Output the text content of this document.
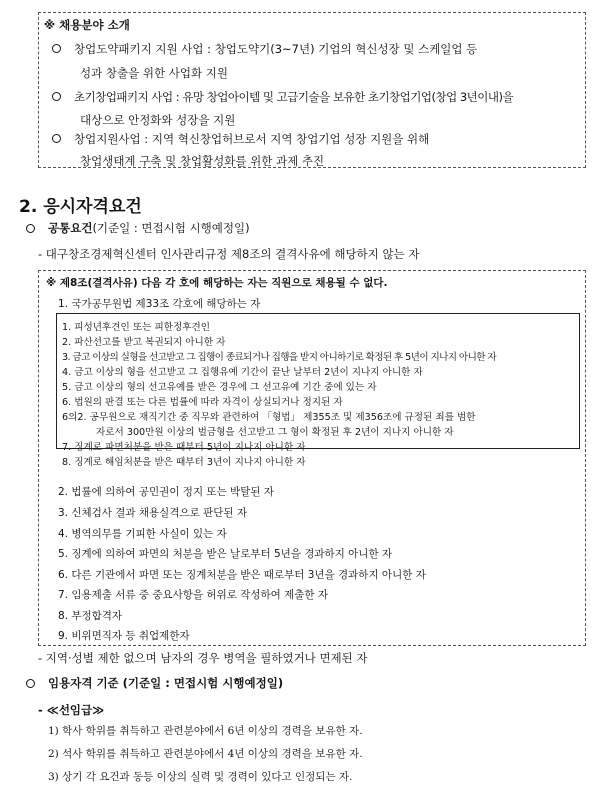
※ 채용분야 소개
창업도약패키지 지원 사업 : 창업도약기(3~7년) 기업의 혁신성장 및 스케일업 등
성과 창출을 위한 사업화 지원
초기창업패키지 사업 : 유망 창업아이템 및 고급기술을 보유한 초기창업기업(창업 3년이내)을
대상으로 안정화와 성장을 지원
창업지원사업 : 지역 혁신창업허브로서 지역 창업기업 성장 지원을 위해
창업생태계 구축 및 창업활성화를 위한 과제 추진
2. 응시자격요건
공통요건(기준일 : 면접시험 시행예정일)
- 대구창조경제혁신센터 인사관리규정 제8조의 결격사유에 해당하지 않는 자
※ 제8조(결격사유) 다음 각 호에 해당하는 자는 직원으로 채용될 수 없다.
1. 국가공무원법 제33조 각호에 해당하는 자
1. 피성년후견인 또는 피한정후견인
2. 파산선고를 받고 복권되지 아니한 자
3. 금고 이상의 실형을 선고받고 그 집행이 종료되거나 집행을 받지 아니하기로 확정된 후 5년이 지나지 아니한 자
4. 금고 이상의 형을 선고받고 그 집행유예 기간이 끝난 날부터 2년이 지나지 아니한 자
5. 금고 이상의 형의 선고유예를 받은 경우에 그 선고유예 기간 중에 있는 자
6. 법원의 판결 또는 다른 법률에 따라 자격이 상실되거나 정지된 자
6의2. 공무원으로 재직기간 중 직무와 관련하여 「형법」 제355조 및 제356조에 규정된 죄를 범한
자로서 300만원 이상의 벌금형을 선고받고 그 형이 확정된 후 2년이 지나지 아니한 자
7. 징계로 파면처분을 받은 때부터 5년이 지나지 아니한 자
8. 징계로 해임처분을 받은 때부터 3년이 지나지 아니한 자
2. 법률에 의하여 공민권이 정지 또는 박탈된 자
3. 신체검사 결과 채용실격으로 판단된 자
4. 병역의무를 기피한 사실이 있는 자
5. 징계에 의하여 파면의 처분을 받은 날로부터 5년을 경과하지 아니한 자
6. 다른 기관에서 파면 또는 징계처분을 받은 때로부터 3년을 경과하지 아니한 자
7. 임용제출 서류 중 중요사항을 허위로 작성하여 제출한 자
8. 부정합격자
9. 비위면직자 등 취업제한자
- 지역·성별 제한 없으며 남자의 경우 병역을 필하였거나 면제된 자
임용자격 기준 (기준일 : 면접시험 시행예정일)
- ≪선임급≫
1) 학사 학위를 취득하고 관련분야에서 6년 이상의 경력을 보유한 자.
2) 석사 학위를 취득하고 관련분야에서 4년 이상의 경력을 보유한 자.
3) 상기 각 요건과 동등 이상의 실력 및 경력이 있다고 인정되는 자.
